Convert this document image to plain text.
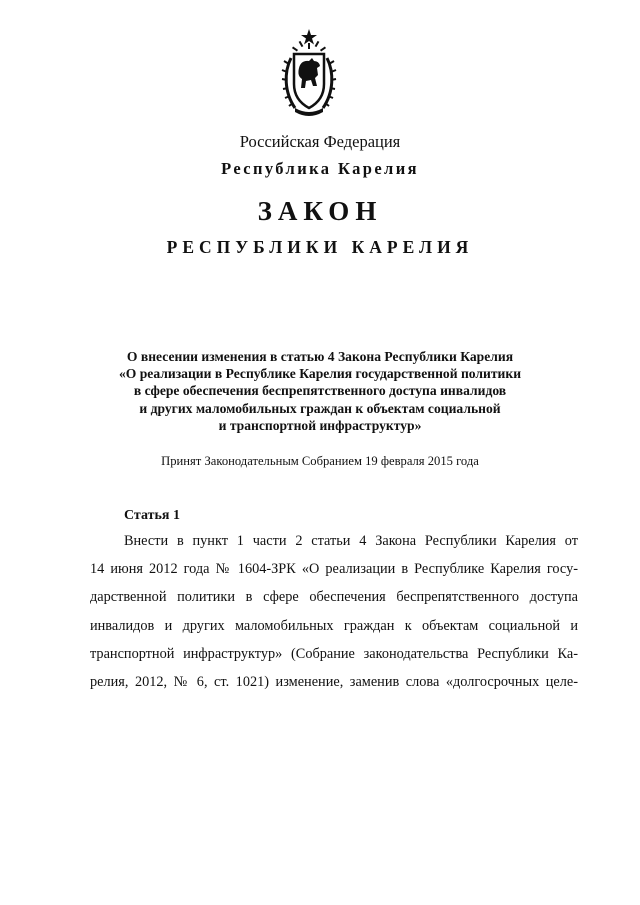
Российская Федерация
Республика Карелия
ЗАКОН
РЕСПУБЛИКИ КАРЕЛИЯ
О внесении изменения в статью 4 Закона Республики Карелия
«О реализации в Республике Карелия государственной политики
в сфере обеспечения беспрепятственного доступа инвалидов
и других маломобильных граждан к объектам социальной
и транспортной инфраструктур»
Принят Законодательным Собранием 19 февраля 2015 года
Статья 1
Внести в пункт 1 части 2 статьи 4 Закона Республики Карелия от
14 июня 2012 года № 1604-ЗРК «О реализации в Республике Карелия госу-
дарственной политики в сфере обеспечения беспрепятственного доступа
инвалидов и других маломобильных граждан к объектам социальной и
транспортной инфраструктур» (Собрание законодательства Республики Ка-
релия, 2012, № 6, ст. 1021) изменение, заменив слова «долгосрочных целе-
